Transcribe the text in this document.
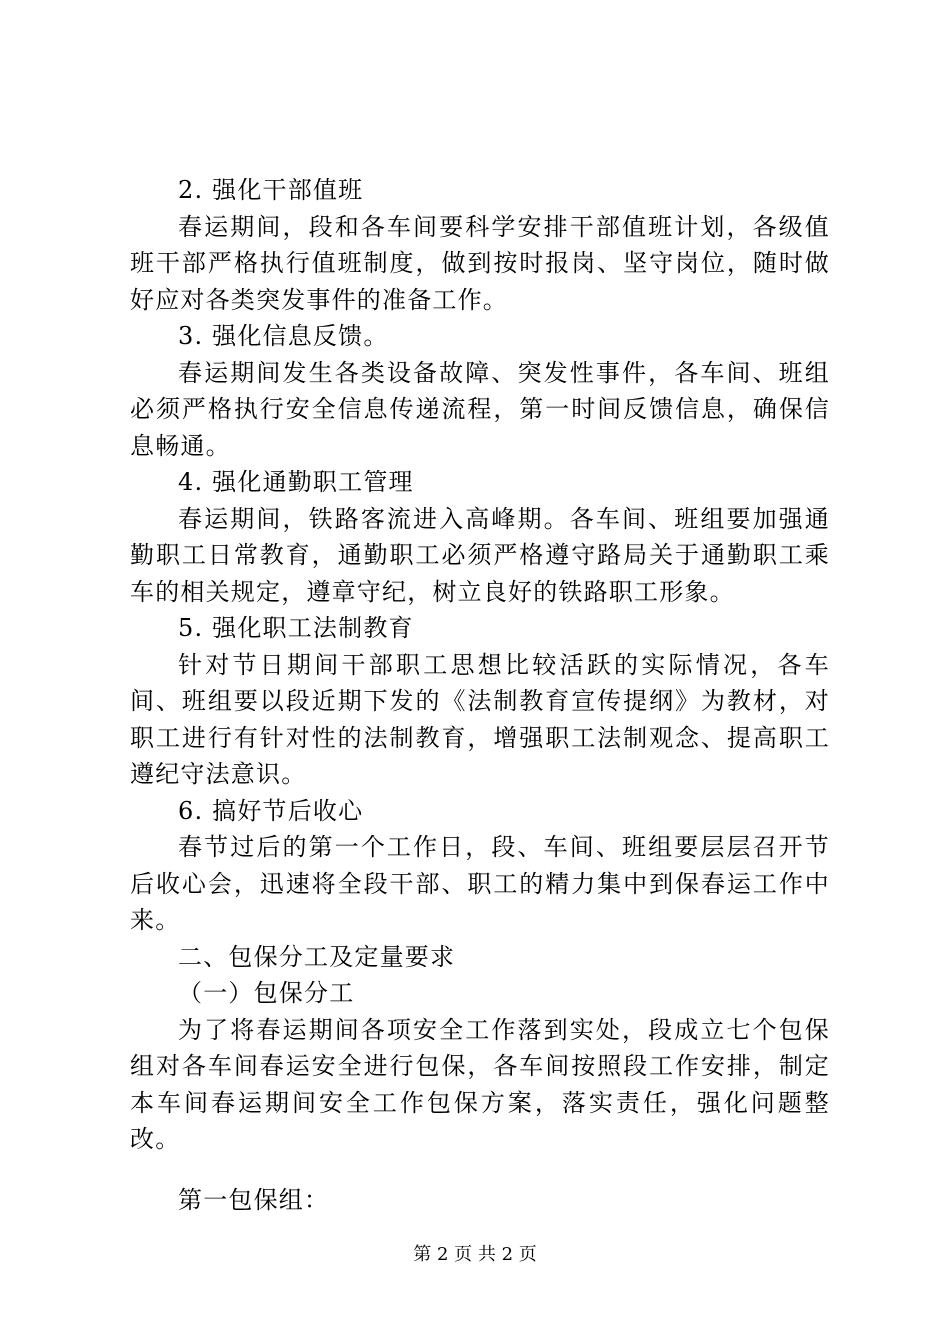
2. 强化干部值班

春运期间，段和各车间要科学安排干部值班计划，各级值班干部严格执行值班制度，做到按时报岗、坚守岗位，随时做好应对各类突发事件的准备工作。

3. 强化信息反馈。

春运期间发生各类设备故障、突发性事件，各车间、班组必须严格执行安全信息传递流程，第一时间反馈信息，确保信息畅通。

4. 强化通勤职工管理

春运期间，铁路客流进入高峰期。各车间、班组要加强通勤职工日常教育，通勤职工必须严格遵守路局关于通勤职工乘车的相关规定，遵章守纪，树立良好的铁路职工形象。

5. 强化职工法制教育

针对节日期间干部职工思想比较活跃的实际情况，各车间、班组要以段近期下发的《法制教育宣传提纲》为教材，对职工进行有针对性的法制教育，增强职工法制观念、提高职工遵纪守法意识。

6. 搞好节后收心

春节过后的第一个工作日，段、车间、班组要层层召开节后收心会，迅速将全段干部、职工的精力集中到保春运工作中来。

二、包保分工及定量要求

（一）包保分工

为了将春运期间各项安全工作落到实处，段成立七个包保组对各车间春运安全进行包保，各车间按照段工作安排，制定本车间春运期间安全工作包保方案，落实责任，强化问题整改。

第一包保组：

第 2 页 共 2 页
